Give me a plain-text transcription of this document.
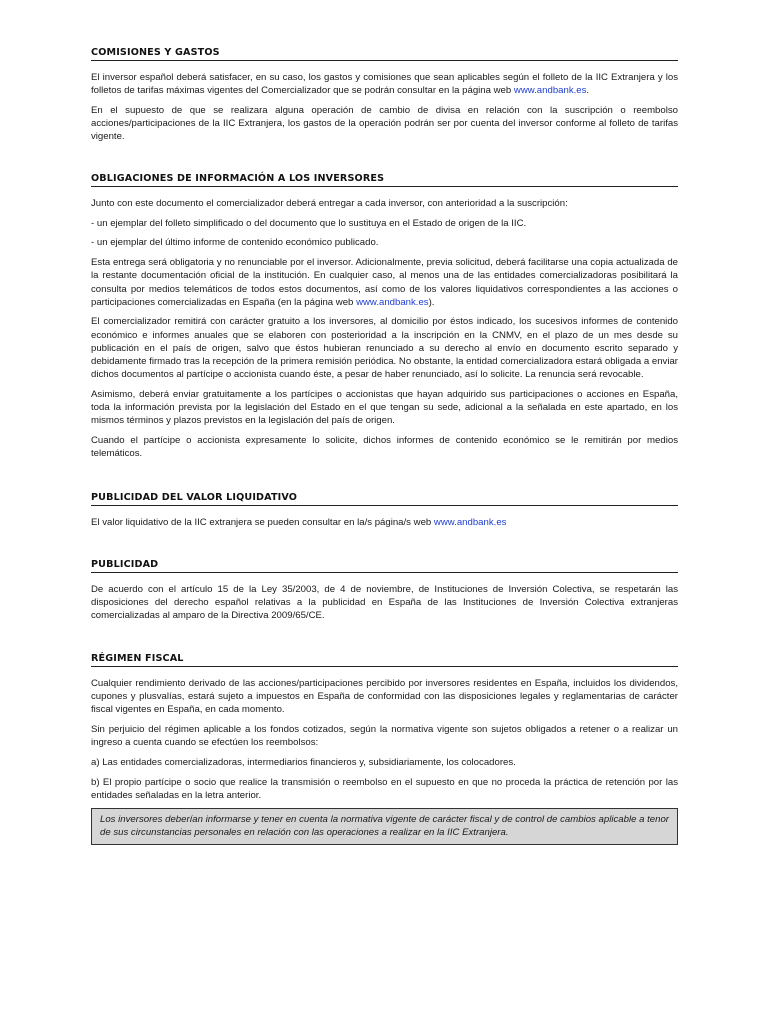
COMISIONES Y GASTOS

El inversor español deberá satisfacer, en su caso, los gastos y comisiones que sean aplicables según el folleto de la IIC Extranjera y los folletos de tarifas máximas vigentes del Comercializador que se podrán consultar en la página web www.andbank.es.

En el supuesto de que se realizara alguna operación de cambio de divisa en relación con la suscripción o reembolso acciones/participaciones de la IIC Extranjera, los gastos de la operación podrán ser por cuenta del inversor conforme al folleto de tarifas vigente.

OBLIGACIONES DE INFORMACIÓN A LOS INVERSORES

Junto con este documento el comercializador deberá entregar a cada inversor, con anterioridad a la suscripción:

- un ejemplar del folleto simplificado o del documento que lo sustituya en el Estado de origen de la IIC.

- un ejemplar del último informe de contenido económico publicado.

Esta entrega será obligatoria y no renunciable por el inversor. Adicionalmente, previa solicitud, deberá facilitarse una copia actualizada de la restante documentación oficial de la institución. En cualquier caso, al menos una de las entidades comercializadoras posibilitará la consulta por medios telemáticos de todos estos documentos, así como de los valores liquidativos correspondientes a las acciones o participaciones comercializadas en España (en la página web www.andbank.es).

El comercializador remitirá con carácter gratuito a los inversores, al domicilio por éstos indicado, los sucesivos informes de contenido económico e informes anuales que se elaboren con posterioridad a la inscripción en la CNMV, en el plazo de un mes desde su publicación en el país de origen, salvo que éstos hubieran renunciado a su derecho al envío en documento escrito separado y debidamente firmado tras la recepción de la primera remisión periódica. No obstante, la entidad comercializadora estará obligada a enviar dichos documentos al partícipe o accionista cuando éste, a pesar de haber renunciado, así lo solicite. La renuncia será revocable.

Asimismo, deberá enviar gratuitamente a los partícipes o accionistas que hayan adquirido sus participaciones o acciones en España, toda la información prevista por la legislación del Estado en el que tengan su sede, adicional a la señalada en este apartado, en los mismos términos y plazos previstos en la legislación del país de origen.

Cuando el partícipe o accionista expresamente lo solicite, dichos informes de contenido económico se le remitirán por medios telemáticos.

PUBLICIDAD DEL VALOR LIQUIDATIVO

El valor liquidativo de la IIC extranjera se pueden consultar en la/s página/s web www.andbank.es

PUBLICIDAD

De acuerdo con el artículo 15 de la Ley 35/2003, de 4 de noviembre, de Instituciones de Inversión Colectiva, se respetarán las disposiciones del derecho español relativas a la publicidad en España de las Instituciones de Inversión Colectiva extranjeras comercializadas al amparo de la Directiva 2009/65/CE.

RÉGIMEN FISCAL

Cualquier rendimiento derivado de las acciones/participaciones percibido por inversores residentes en España, incluidos los dividendos, cupones y plusvalías, estará sujeto a impuestos en España de conformidad con las disposiciones legales y reglamentarias de carácter fiscal vigentes en España, en cada momento.

Sin perjuicio del régimen aplicable a los fondos cotizados, según la normativa vigente son sujetos obligados a retener o a realizar un ingreso a cuenta cuando se efectúen los reembolsos:

a) Las entidades comercializadoras, intermediarios financieros y, subsidiariamente, los colocadores.

b) El propio partícipe o socio que realice la transmisión o reembolso en el supuesto en que no proceda la práctica de retención por las entidades señaladas en la letra anterior.

Los inversores deberían informarse y tener en cuenta la normativa vigente de carácter fiscal y de control de cambios aplicable a tenor de sus circunstancias personales en relación con las operaciones a realizar en la IIC Extranjera.
